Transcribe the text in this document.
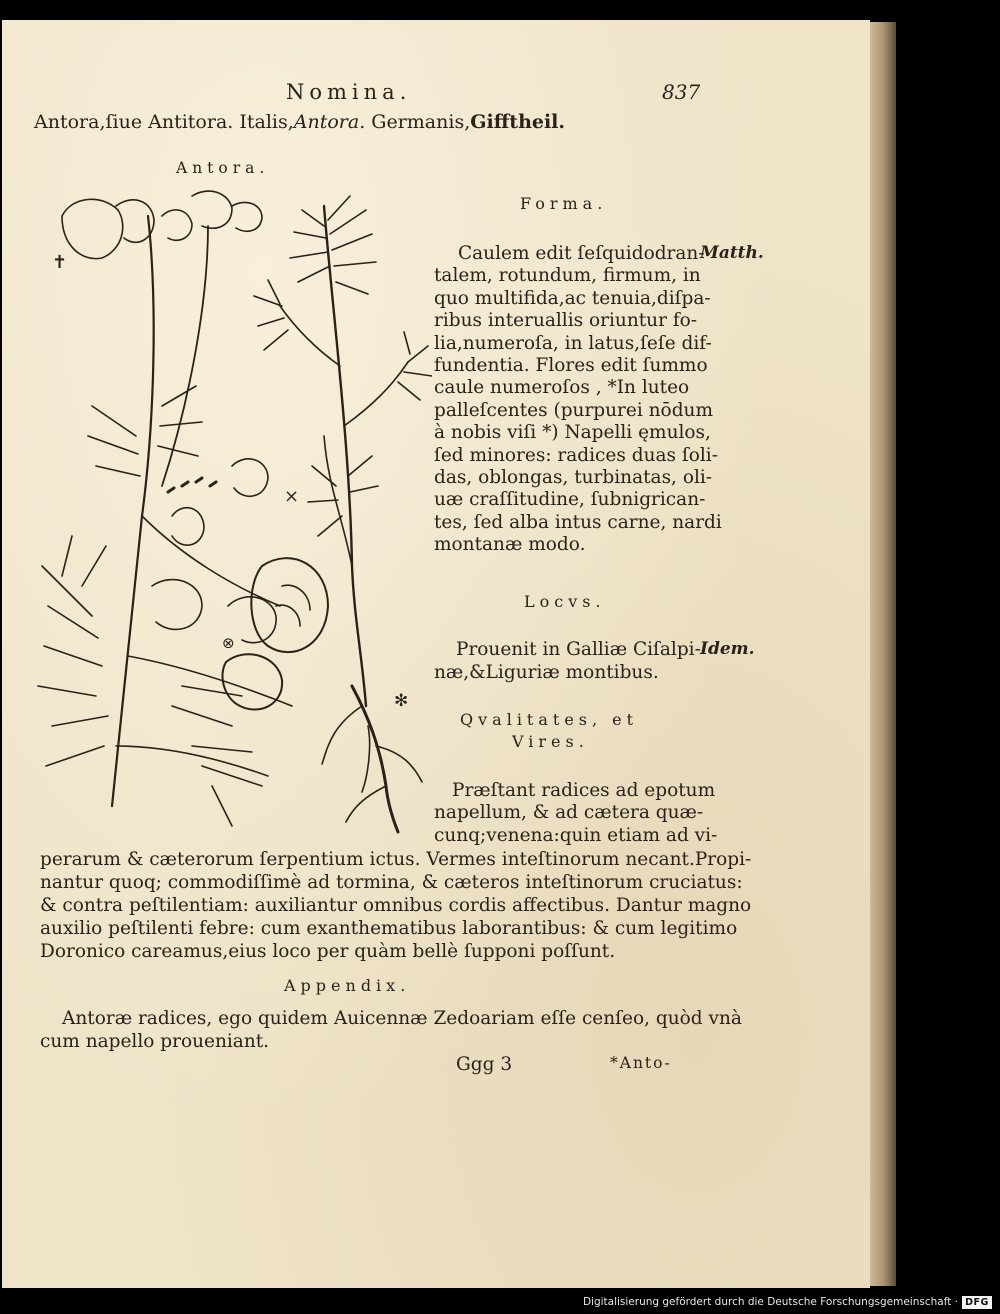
Nomina.	837
Antora,ſiue Antitora. Italis,Antora. Germanis,Gifftheil.
Antora.
✝
×
⊗
✻
Forma.
Matth.
Caulem edit ſeſquidodran-
talem, rotundum, firmum, in
quo multifida,ac tenuia,diſpa-
ribus interuallis oriuntur fo-
lia,numeroſa, in latus,ſeſe dif-
fundentia. Flores edit ſummo
caule numeroſos , *In luteo
palleſcentes (purpurei nōdum
à nobis viſi *) Napelli ęmulos,
ſed minores: radices duas ſoli-
das, oblongas, turbinatas, oli-
uæ craſſitudine, ſubnigrican-
tes, ſed alba intus carne, nardi
montanæ modo.
Locvs.
Idem.
Prouenit in Galliæ Ciſalpi-
næ,&Liguriæ montibus.
Qvalitates, et
Vires.
Præſtant radices ad epotum
napellum, & ad cætera quæ-
cunq;venena:quin etiam ad vi-
perarum & cæterorum ſerpentium ictus. Vermes inteſtinorum necant.Propi-
nantur quoq; commodiſſimè ad tormina, & cæteros inteſtinorum cruciatus:
& contra peſtilentiam: auxiliantur omnibus cordis affectibus. Dantur magno
auxilio peſtilenti febre: cum exanthematibus laborantibus: & cum legitimo
Doronico careamus,eius loco per quàm bellè ſupponi poſſunt.
Appendix.
Antoræ radices, ego quidem Auicennæ Zedoariam eſſe cenſeo, quòd vnà
cum napello proueniant.
Ggg 3	*Anto-
Digitalisierung gefördert durch die Deutsche Forschungsgemeinschaft · DFG
